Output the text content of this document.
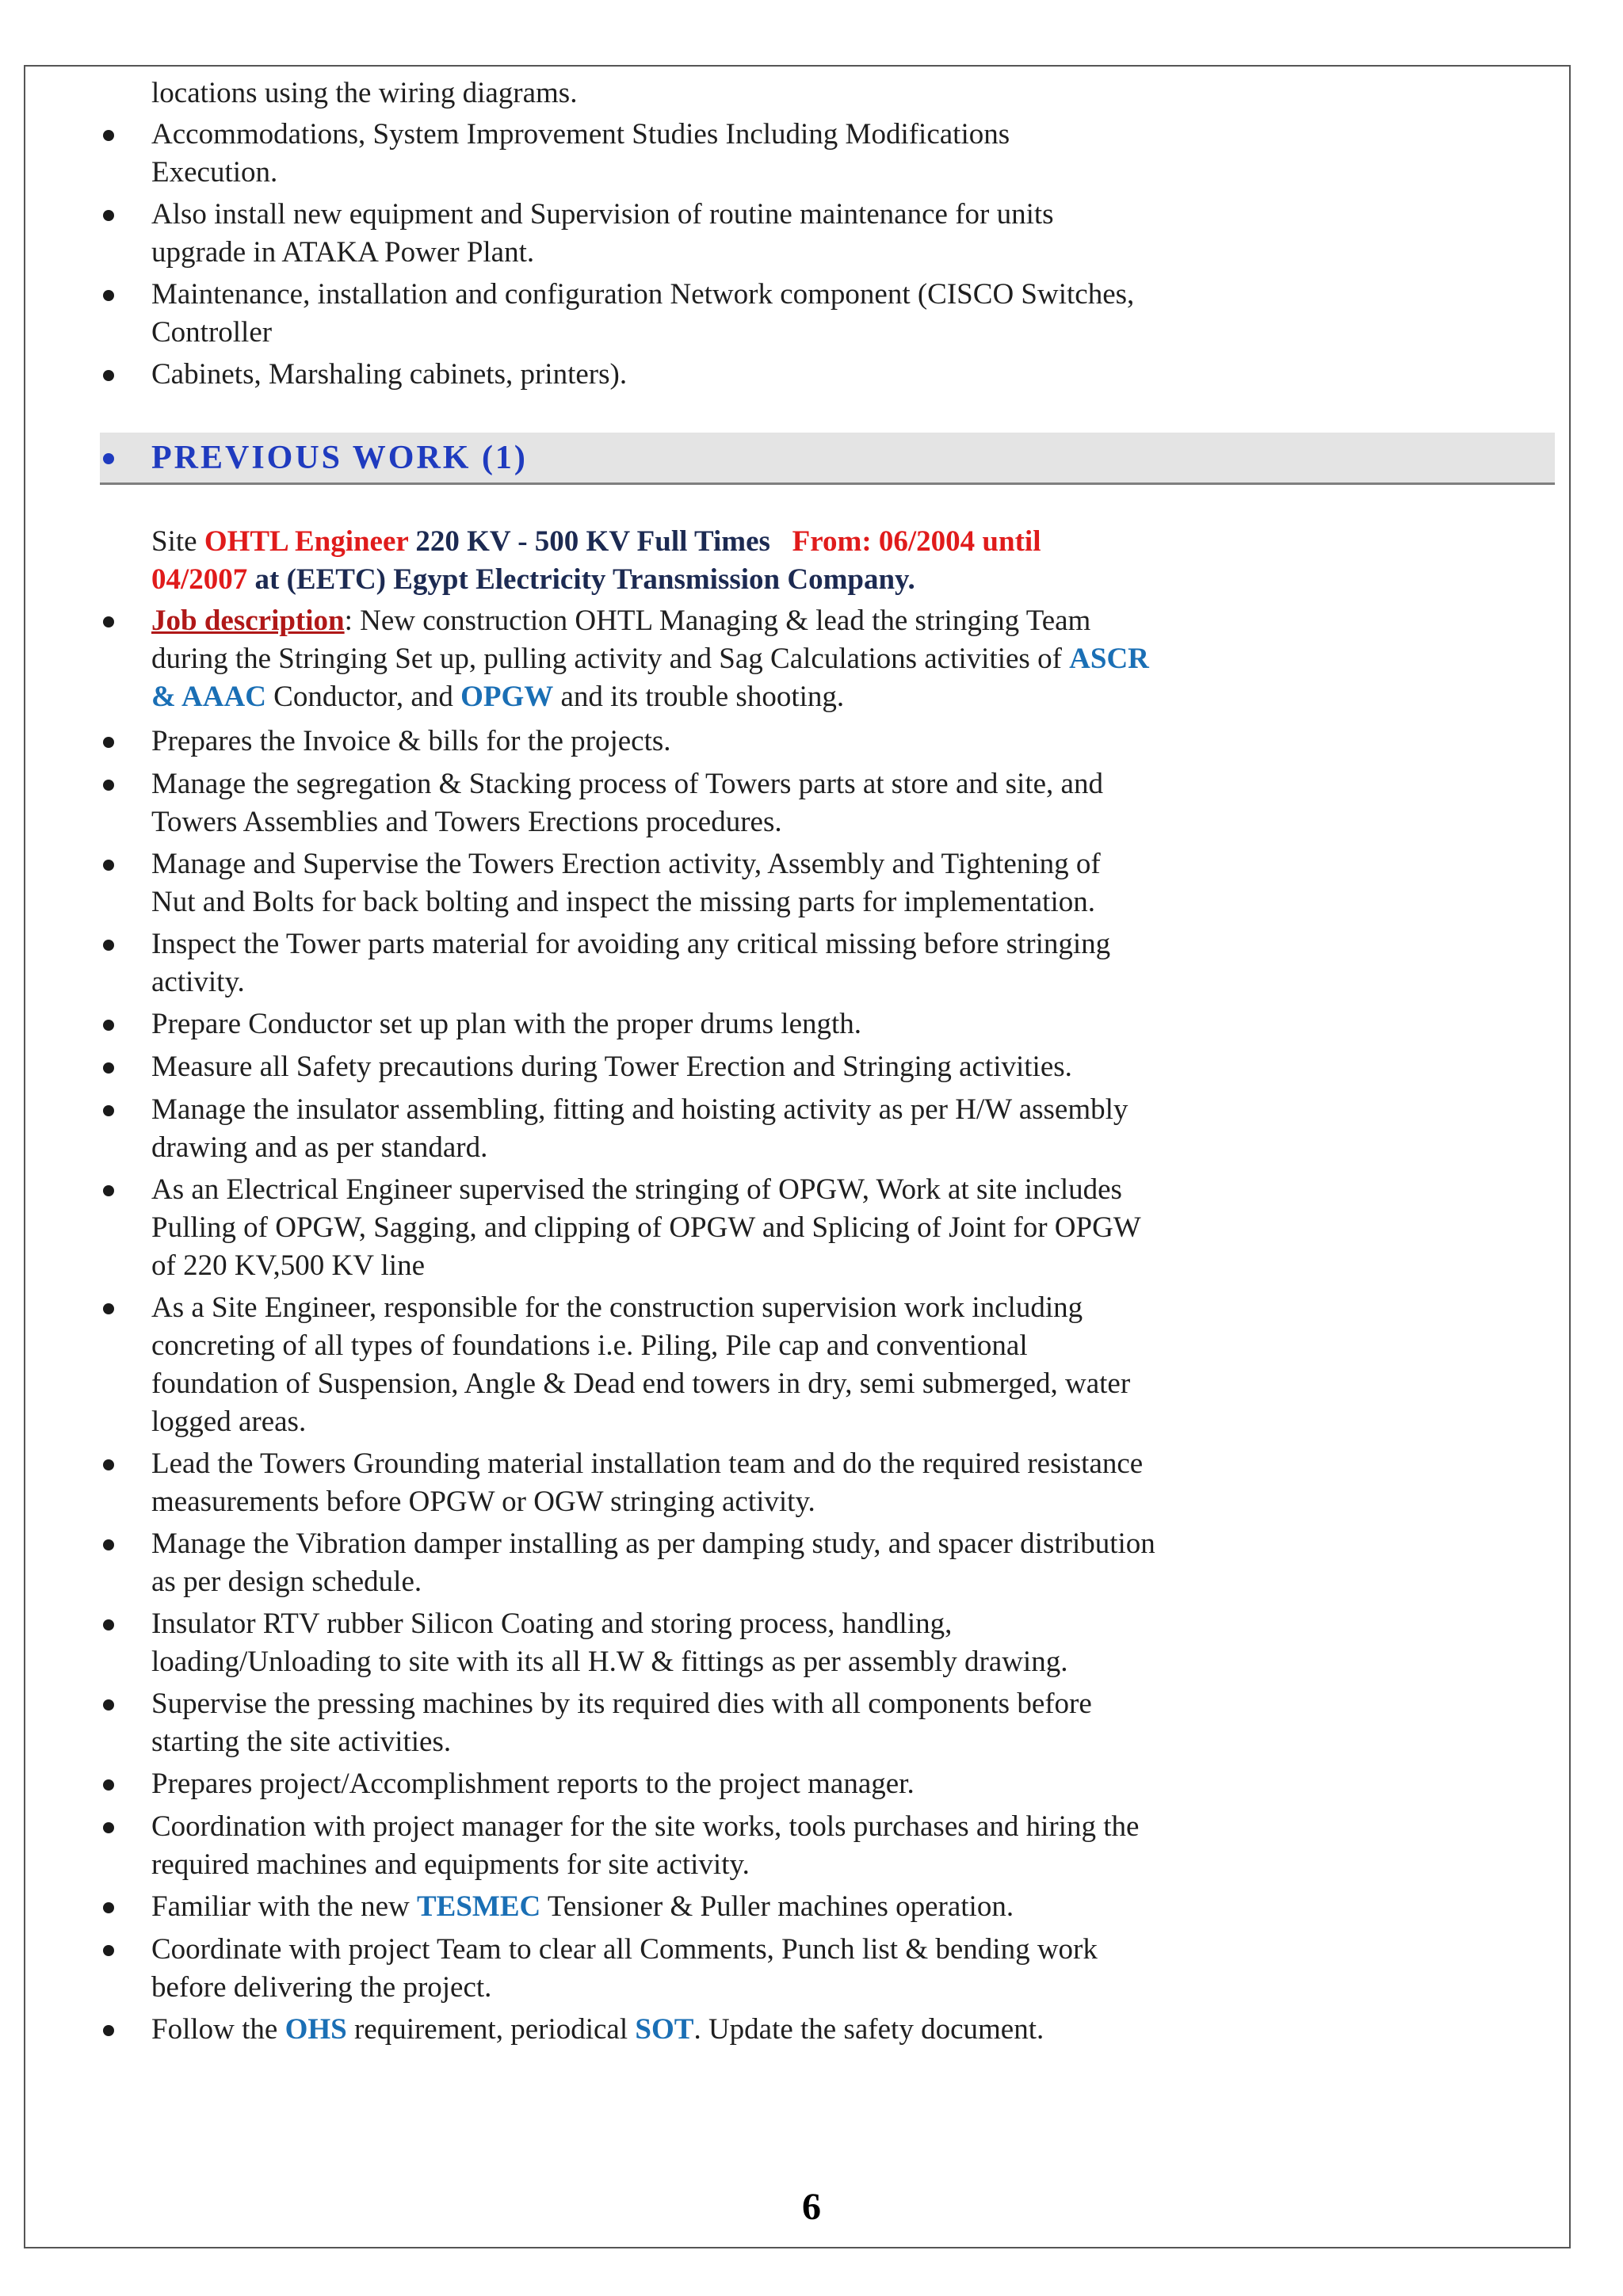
locations using the wiring diagrams.
Accommodations, System Improvement Studies Including Modifications
Execution.
Also install new equipment and Supervision of routine maintenance for units
upgrade in ATAKA Power Plant.
Maintenance, installation and configuration Network component (CISCO Switches,
Controller
Cabinets, Marshaling cabinets, printers).
PREVIOUS WORK (1)
Site OHTL Engineer 220 KV - 500 KV Full Times From: 06/2004 until
04/2007 at (EETC) Egypt Electricity Transmission Company.
Job description: New construction OHTL Managing & lead the stringing Team
during the Stringing Set up, pulling activity and Sag Calculations activities of ASCR
& AAAC Conductor, and OPGW and its trouble shooting.
Prepares the Invoice & bills for the projects.
Manage the segregation & Stacking process of Towers parts at store and site, and
Towers Assemblies and Towers Erections procedures.
Manage and Supervise the Towers Erection activity, Assembly and Tightening of
Nut and Bolts for back bolting and inspect the missing parts for implementation.
Inspect the Tower parts material for avoiding any critical missing before stringing
activity.
Prepare Conductor set up plan with the proper drums length.
Measure all Safety precautions during Tower Erection and Stringing activities.
Manage the insulator assembling, fitting and hoisting activity as per H/W assembly
drawing and as per standard.
As an Electrical Engineer supervised the stringing of OPGW, Work at site includes
Pulling of OPGW, Sagging, and clipping of OPGW and Splicing of Joint for OPGW
of 220 KV,500 KV line
As a Site Engineer, responsible for the construction supervision work including
concreting of all types of foundations i.e. Piling, Pile cap and conventional
foundation of Suspension, Angle & Dead end towers in dry, semi submerged, water
logged areas.
Lead the Towers Grounding material installation team and do the required resistance
measurements before OPGW or OGW stringing activity.
Manage the Vibration damper installing as per damping study, and spacer distribution
as per design schedule.
Insulator RTV rubber Silicon Coating and storing process, handling,
loading/Unloading to site with its all H.W & fittings as per assembly drawing.
Supervise the pressing machines by its required dies with all components before
starting the site activities.
Prepares project/Accomplishment reports to the project manager.
Coordination with project manager for the site works, tools purchases and hiring the
required machines and equipments for site activity.
Familiar with the new TESMEC Tensioner & Puller machines operation.
Coordinate with project Team to clear all Comments, Punch list & bending work
before delivering the project.
Follow the OHS requirement, periodical SOT. Update the safety document.
6
